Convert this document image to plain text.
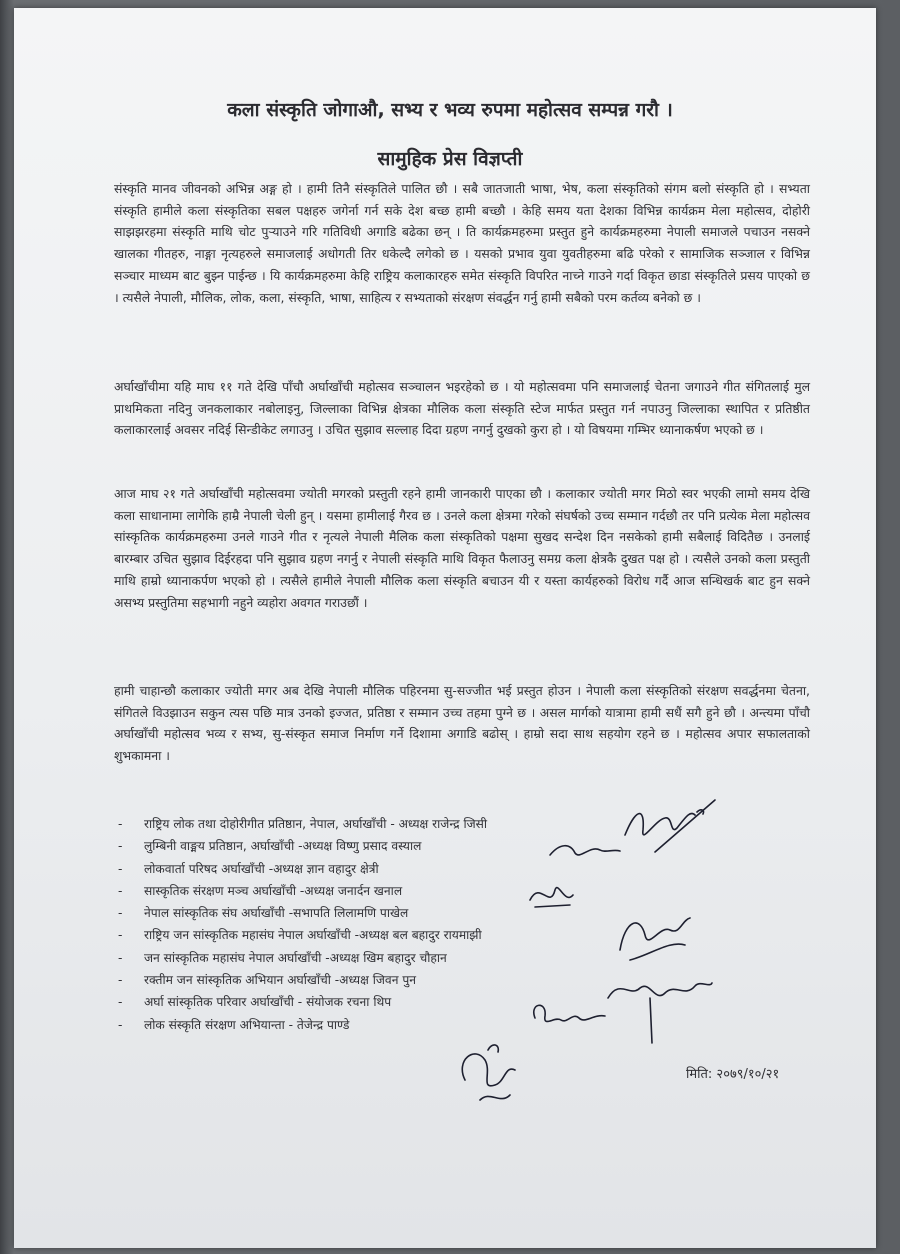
कला संस्कृति जोगाऔ, सभ्य र भव्य रुपमा महोत्सव सम्पन्न गरौ ।
सामुहिक प्रेस विज्ञप्ती
संस्कृति मानव जीवनको अभिन्न अङ्ग हो । हामी तिनै संस्कृतिले पालित छौ । सबै जातजाती भाषा, भेष, कला संस्कृतिको संगम बलो संस्कृति हो । सभ्यता संस्कृति हामीले कला संस्कृतिका सबल पक्षहरु जगेर्ना गर्न सके देश बच्छ हामी बच्छौ । केहि समय यता देशका विभिन्न कार्यक्रम मेला महोत्सव, दोहोरी साझझरहमा संस्कृति माथि चोट पुर्‍याउने गरि गतिविधी अगाडि बढेका छन् । ति कार्यक्रमहरुमा प्रस्तुत हुने कार्यक्रमहरुमा नेपाली समाजले पचाउन नसक्ने खालका गीतहरु, नाङ्गा नृत्यहरुले समाजलाई अधोगती तिर धकेल्दै लगेको छ । यसको प्रभाव युवा युवतीहरुमा बढि परेको र सामाजिक सञ्जाल र विभिन्न सञ्चार माध्यम बाट बुझ्न पाईन्छ । यि कार्यक्रमहरुमा केहि राष्ट्रिय कलाकारहरु समेत संस्कृति विपरित नाच्ने गाउने गर्दा विकृत छाडा संस्कृतिले प्रसय पाएको छ । त्यसैले नेपाली, मौलिक, लोक, कला, संस्कृति, भाषा, साहित्य र सभ्यताको संरक्षण संवर्द्धन गर्नु हामी सबैको परम कर्तव्य बनेको छ ।
अर्घाखाँचीमा यहि माघ ११ गते देखि पाँचौ अर्घाखाँची महोत्सव सञ्चालन भइरहेको छ । यो महोत्सवमा पनि समाजलाई चेतना जगाउने गीत संगितलाई मुल प्राथमिकता नदिनु जनकलाकार नबोलाइनु, जिल्लाका विभिन्न क्षेत्रका मौलिक कला संस्कृति स्टेज मार्फत प्रस्तुत गर्न नपाउनु जिल्लाका स्थापित र प्रतिष्ठीत कलाकारलाई अवसर नदिई सिन्डीकेट लगाउनु । उचित सुझाव सल्लाह दिदा ग्रहण नगर्नु दुखको कुरा हो । यो विषयमा गम्भिर ध्यानाकर्षण भएको छ ।
आज माघ २१ गते अर्घाखाँची महोत्सवमा ज्योती मगरको प्रस्तुती रहने हामी जानकारी पाएका छौ । कलाकार ज्योती मगर मिठो स्वर भएकी लामो समय देखि कला साधानामा लागेकि हाम्रै नेपाली चेली हुन् । यसमा हामीलाई गैरव छ । उनले कला क्षेत्रमा गरेको संघर्षको उच्च सम्मान गर्दछौ तर पनि प्रत्येक मेला महोत्सव सांस्कृतिक कार्यक्रमहरुमा उनले गाउने गीत र नृत्यले नेपाली मैलिक कला संस्कृतिको पक्षमा सुखद सन्देश दिन नसकेको हामी सबैलाई विदितैछ । उनलाई बारम्बार उचित सुझाव दिईरहदा पनि सुझाव ग्रहण नगर्नु र नेपाली संस्कृति माथि विकृत फैलाउनु समग्र कला क्षेत्रकै दुखत पक्ष हो । त्यसैले उनको कला प्रस्तुती माथि हाम्रो ध्यानाकर्पण भएको हो । त्यसैले हामीले नेपाली मौलिक कला संस्कृति बचाउन यी र यस्ता कार्यहरुको विरोध गर्दै आज सन्धिखर्क बाट हुन सक्ने असभ्य प्रस्तुतिमा सहभागी नहुने व्यहोरा अवगत गराउछौं ।
हामी चाहान्छौ कलाकार ज्योती मगर अब देखि नेपाली मौलिक पहिरनमा सु-सज्जीत भई प्रस्तुत होउन । नेपाली कला संस्कृतिको संरक्षण सवर्द्धनमा चेतना, संगितले विउझाउन सकुन त्यस पछि मात्र उनको इज्जत, प्रतिष्ठा र सम्मान उच्च तहमा पुग्ने छ । असल मार्गको यात्रामा हामी सधैं सगै हुने छौ । अन्त्यमा पाँचौ अर्घाखाँची महोत्सव भव्य र सभ्य, सु-संस्कृत समाज निर्माण गर्ने दिशामा अगाडि बढोस् । हाम्रो सदा साथ सहयोग रहने छ । महोत्सव अपार सफालताको शुभकामना ।
- राष्ट्रिय लोक तथा दोहोरीगीत प्रतिष्ठान, नेपाल, अर्घाखाँची - अध्यक्ष राजेन्द्र जिसी
- लुम्बिनी वाङ्मय प्रतिष्ठान, अर्घाखाँची -अध्यक्ष विष्णु प्रसाद वस्याल
- लोकवार्ता परिषद अर्घाखाँची -अध्यक्ष ज्ञान वहादुर क्षेत्री
- सास्कृतिक संरक्षण मञ्च अर्घाखाँची -अध्यक्ष जनार्दन खनाल
- नेपाल सांस्कृतिक संघ अर्घाखाँची -सभापति लिलामणि पाखेल
- राष्ट्रिय जन सांस्कृतिक महासंघ नेपाल अर्घाखाँची -अध्यक्ष बल बहादुर रायमाझी
- जन सांस्कृतिक महासंघ नेपाल अर्घाखाँची -अध्यक्ष खिम बहादुर चौहान
- रक्तीम जन सांस्कृतिक अभियान अर्घाखाँची -अध्यक्ष जिवन पुन
- अर्घा सांस्कृतिक परिवार अर्घाखाँची - संयोजक रचना थिप
- लोक संस्कृति संरक्षण अभियान्ता - तेजेन्द्र पाण्डे
मिति: २०७९/१०/२१
